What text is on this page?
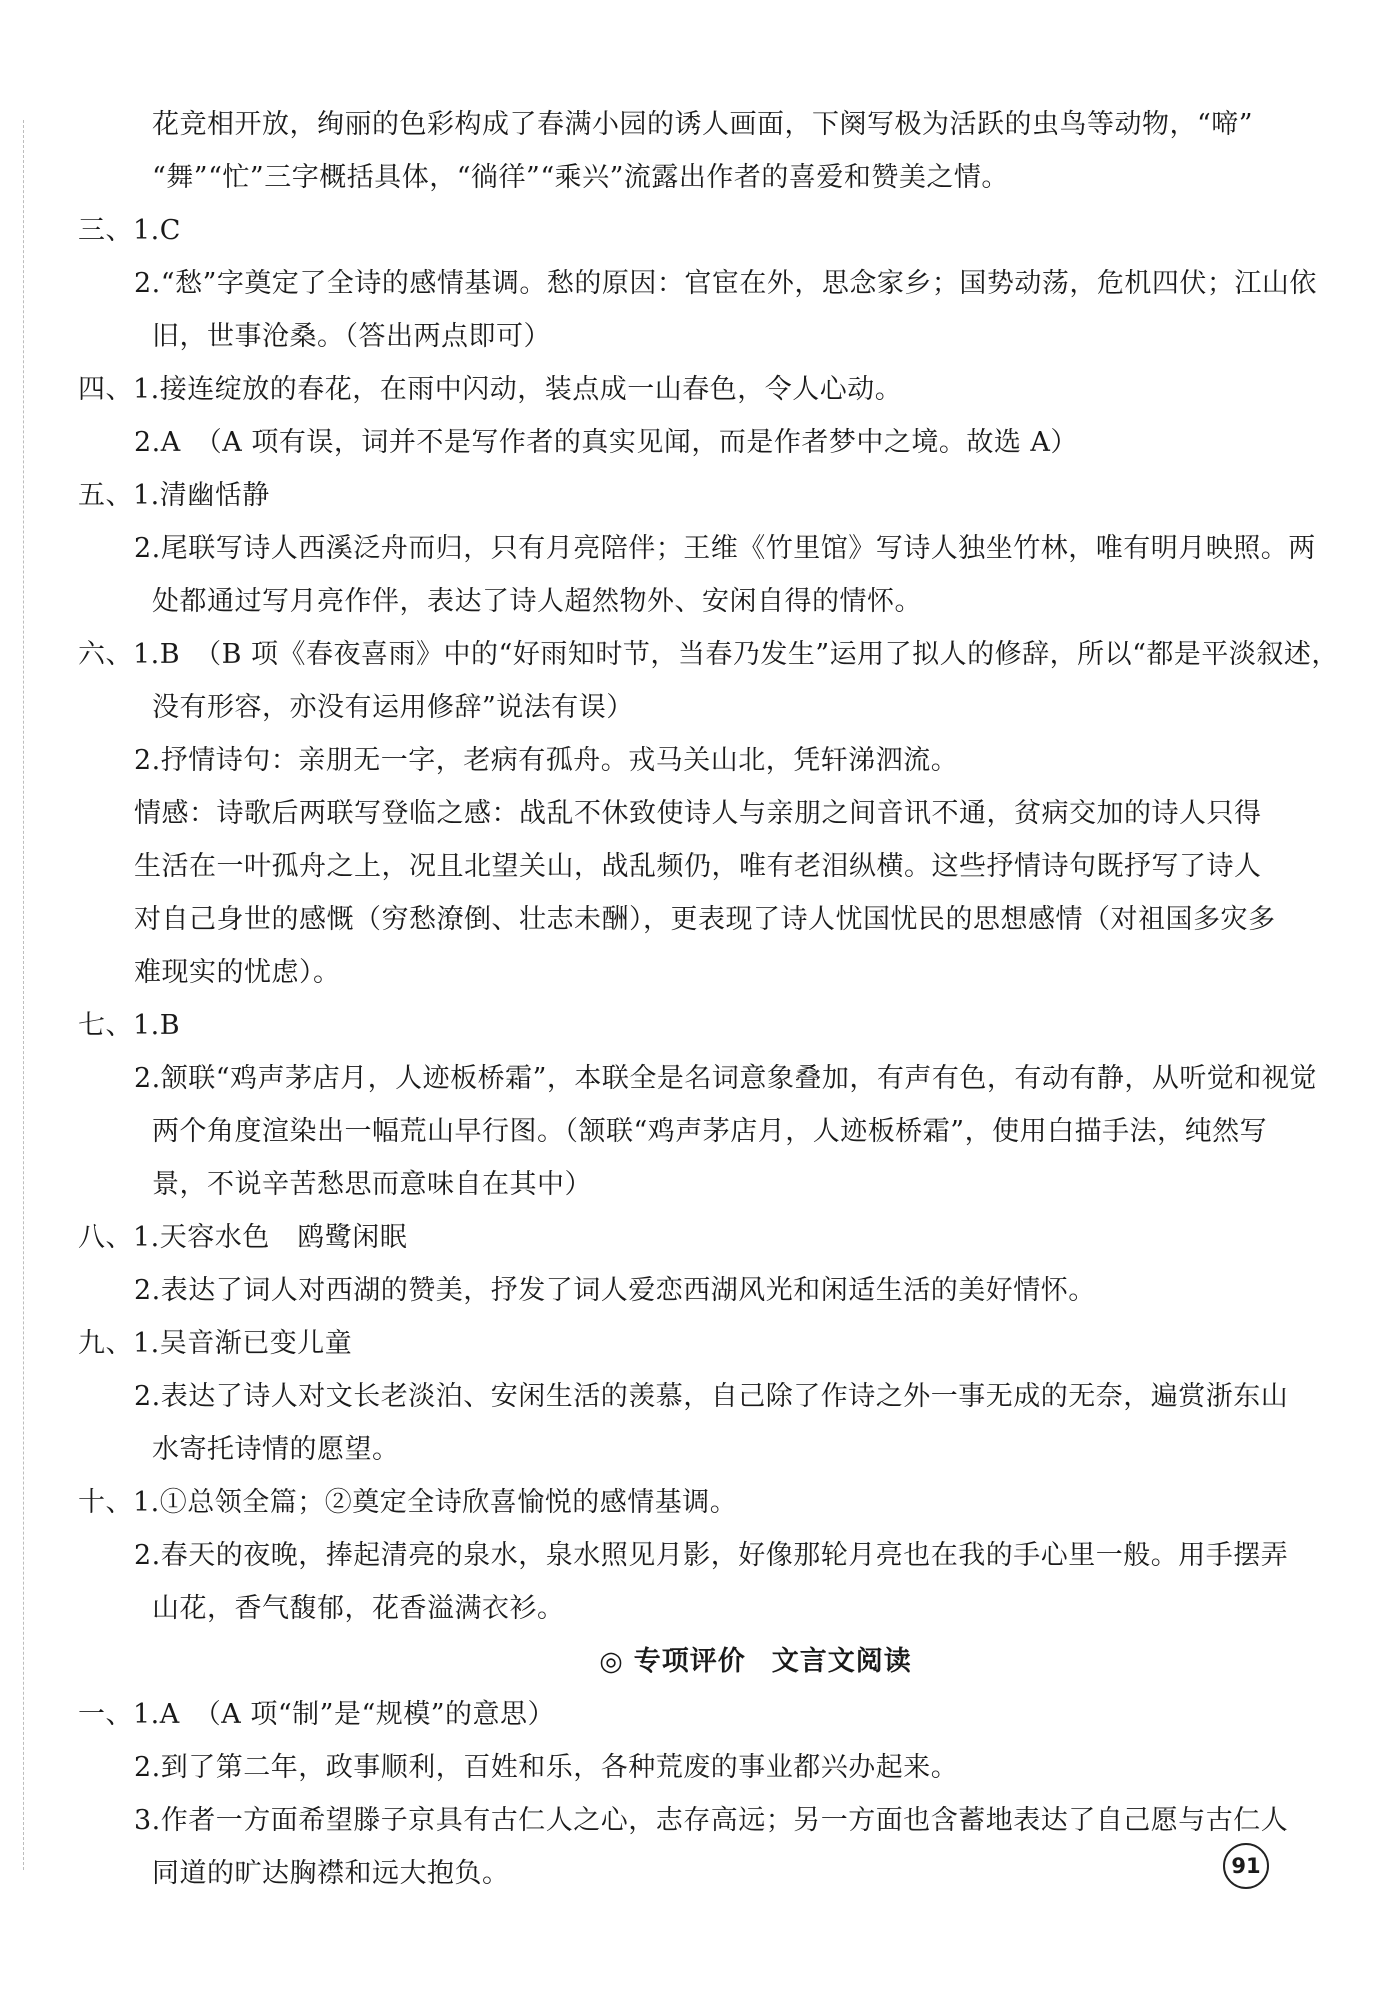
花竞相开放，绚丽的色彩构成了春满小园的诱人画面，下阕写极为活跃的虫鸟等动物，“啼”
“舞”“忙”三字概括具体，“徜徉”“乘兴”流露出作者的喜爱和赞美之情。
三、1.C
2.“愁”字奠定了全诗的感情基调。愁的原因：官宦在外，思念家乡；国势动荡，危机四伏；江山依
旧，世事沧桑。（答出两点即可）
四、1.接连绽放的春花，在雨中闪动，装点成一山春色，令人心动。
2.A　（A 项有误，词并不是写作者的真实见闻，而是作者梦中之境。故选 A）
五、1.清幽恬静
2.尾联写诗人西溪泛舟而归，只有月亮陪伴；王维《竹里馆》写诗人独坐竹林，唯有明月映照。两
处都通过写月亮作伴，表达了诗人超然物外、安闲自得的情怀。
六、1.B　（B 项《春夜喜雨》中的“好雨知时节，当春乃发生”运用了拟人的修辞，所以“都是平淡叙述，
没有形容，亦没有运用修辞”说法有误）
2.抒情诗句：亲朋无一字，老病有孤舟。戎马关山北，凭轩涕泗流。
情感：诗歌后两联写登临之感：战乱不休致使诗人与亲朋之间音讯不通，贫病交加的诗人只得
生活在一叶孤舟之上，况且北望关山，战乱频仍，唯有老泪纵横。这些抒情诗句既抒写了诗人
对自己身世的感慨（穷愁潦倒、壮志未酬），更表现了诗人忧国忧民的思想感情（对祖国多灾多
难现实的忧虑）。
七、1.B
2.颔联“鸡声茅店月，人迹板桥霜”，本联全是名词意象叠加，有声有色，有动有静，从听觉和视觉
两个角度渲染出一幅荒山早行图。（颔联“鸡声茅店月，人迹板桥霜”，使用白描手法，纯然写
景，不说辛苦愁思而意味自在其中）
八、1.天容水色　鸥鹭闲眠
2.表达了词人对西湖的赞美，抒发了词人爱恋西湖风光和闲适生活的美好情怀。
九、1.吴音渐已变儿童
2.表达了诗人对文长老淡泊、安闲生活的羡慕，自己除了作诗之外一事无成的无奈，遍赏浙东山
水寄托诗情的愿望。
十、1.①总领全篇；②奠定全诗欣喜愉悦的感情基调。
2.春天的夜晚，捧起清亮的泉水，泉水照见月影，好像那轮月亮也在我的手心里一般。用手摆弄
山花，香气馥郁，花香溢满衣衫。
◎ 专项评价 文言文阅读
一、1.A　（A 项“制”是“规模”的意思）
2.到了第二年，政事顺利，百姓和乐，各种荒废的事业都兴办起来。
3.作者一方面希望滕子京具有古仁人之心，志存高远；另一方面也含蓄地表达了自己愿与古仁人
同道的旷达胸襟和远大抱负。	91
